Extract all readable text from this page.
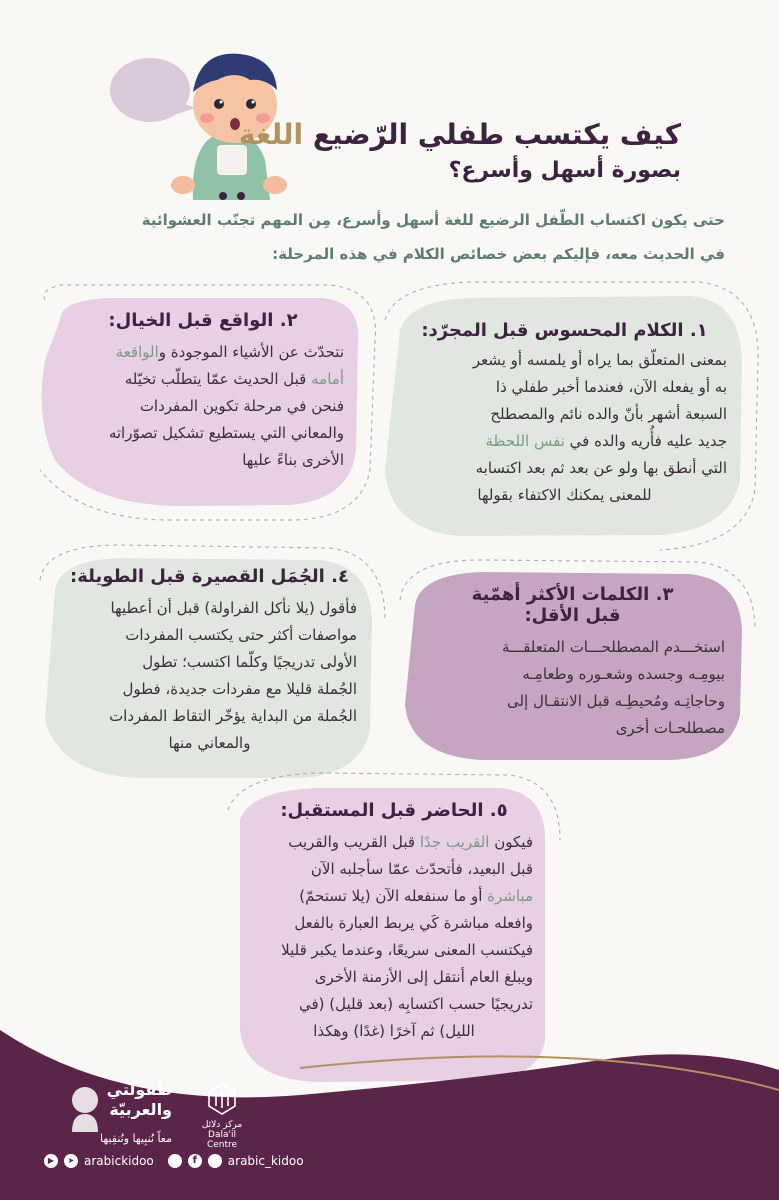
كيف يكتسب طفلي الرّضيع اللغة
بصورة أسهل وأسرع؟
حتى يكون اكتساب الطّفل الرضيع للغة أسهل وأسرع، مِن المهم تجنّب العشوائية
في الحديث معه، فإليكم بعض خصائص الكلام في هذه المرحلة:
٢. الواقع قبل الخيال:
نتحدّث عن الأشياء الموجودة والواقعة
أمامه قبل الحديث عمّا يتطلّب تخيّله
فنحن في مرحلة تكوين المفردات
والمعاني التي يستطيع تشكيل تصوّراته

الأخرى بناءً عليها
١. الكلام المحسوس قبل المجرّد:
بمعنى المتعلّق بما يراه أو يلمسه أو يشعر
به أو يفعله الآن، فعندما أخبر طفلي ذا
السبعة أشهر بأنّ والده نائم والمصطلح
جديد عليه فأُريه والده في نفس اللحظة
التي أنطق بها ولو عن بعد ثم بعد اكتسابه
للمعنى يمكنك الاكتفاء بقولها
٤. الجُمَل القصيرة قبل الطويلة:
فأقول (يلا نأكل الفراولة) قبل أن أعطيها
مواصفات أكثر حتى يكتسب المفردات
الأولى تدريجيًا وكلّما اكتسب؛ تطول
الجُملة قليلا مع مفردات جديدة، فطول
الجُملة من البداية يؤخّر التقاط المفردات
والمعاني منها
٣. الكلمات الأكثر أهمّية
قبل الأقل:
استخـــدم المصطلحـــات المتعلقـــة
بيومِـه وجسده وشعـوره وطعامِـه
وحاجاتِـه ومُحيطِـه قبل الانتقـال إلى
مصطلحـات أخرى
٥. الحاضر قبل المستقبل:
فيكون القريب جدًا قبل القريب والقريب
قبل البعيد، فأتحدّث عمّا سأجلبه الآن
مباشرة أو ما سنفعله الآن (يلا تستحمّ)
وافعله مباشرة كَي يربط العبارة بالفعل
فيكتسب المعنى سريعًا، وعندما يكبر قليلا
ويبلغ العام أنتقل إلى الأزمنة الأخرى
تدريجيًا حسب اكتسابِه (بعد قليل) (في
الليل) ثم آخرًا (غدًا) وهكذا
طفولتي
والعربيّة
معاً نُنبِيها ونُنقِيها
مركز دلائل
Dala'il Centre
▶	➤ arabickidoo	f	arabic_kidoo
